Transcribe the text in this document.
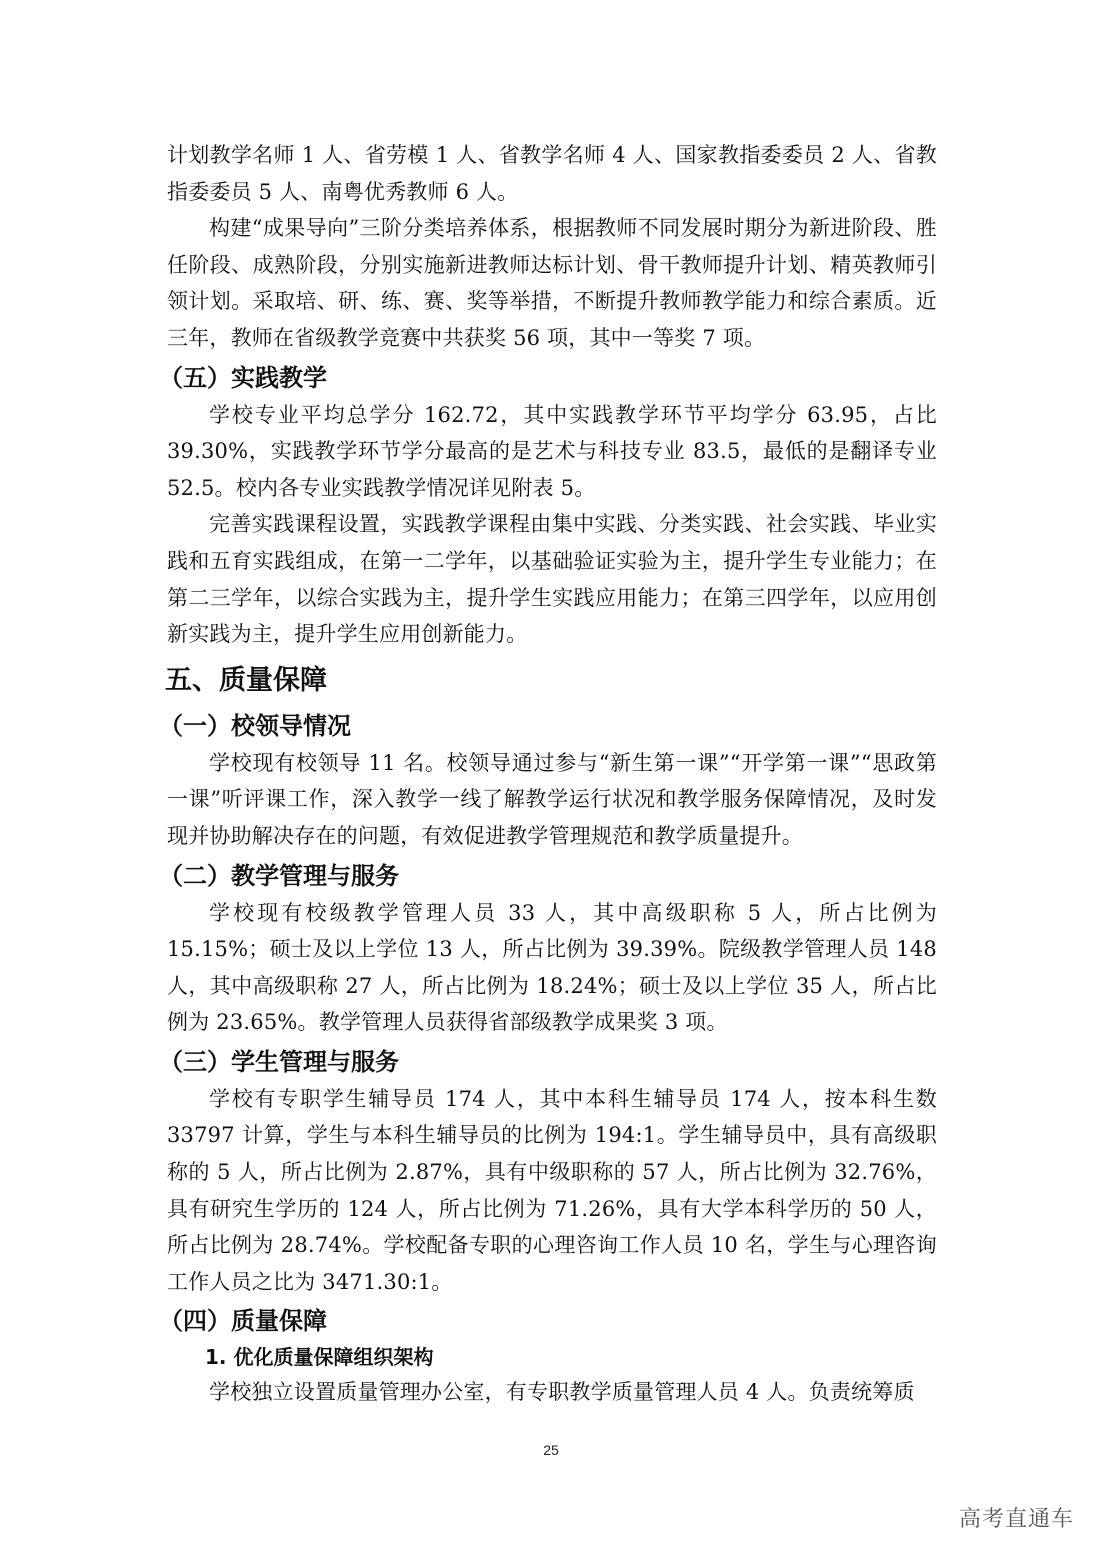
计划教学名师 1 人、省劳模 1 人、省教学名师 4 人、国家教指委委员 2 人、省教指委委员 5 人、南粤优秀教师 6 人。

构建“成果导向”三阶分类培养体系，根据教师不同发展时期分为新进阶段、胜任阶段、成熟阶段，分别实施新进教师达标计划、骨干教师提升计划、精英教师引领计划。采取培、研、练、赛、奖等举措，不断提升教师教学能力和综合素质。近三年，教师在省级教学竞赛中共获奖 56 项，其中一等奖 7 项。

（五）实践教学

学校专业平均总学分 162.72，其中实践教学环节平均学分 63.95，占比 39.30%，实践教学环节学分最高的是艺术与科技专业 83.5，最低的是翻译专业 52.5。校内各专业实践教学情况详见附表 5。

完善实践课程设置，实践教学课程由集中实践、分类实践、社会实践、毕业实践和五育实践组成，在第一二学年，以基础验证实验为主，提升学生专业能力；在第二三学年，以综合实践为主，提升学生实践应用能力；在第三四学年，以应用创新实践为主，提升学生应用创新能力。

五、质量保障
（一）校领导情况

学校现有校领导 11 名。校领导通过参与“新生第一课”“开学第一课”“思政第一课”听评课工作，深入教学一线了解教学运行状况和教学服务保障情况，及时发现并协助解决存在的问题，有效促进教学管理规范和教学质量提升。

（二）教学管理与服务

学校现有校级教学管理人员 33 人，其中高级职称 5 人，所占比例为 15.15%；硕士及以上学位 13 人，所占比例为 39.39%。院级教学管理人员 148 人，其中高级职称 27 人，所占比例为 18.24%；硕士及以上学位 35 人，所占比例为 23.65%。教学管理人员获得省部级教学成果奖 3 项。

（三）学生管理与服务

学校有专职学生辅导员 174 人，其中本科生辅导员 174 人，按本科生数 33797 计算，学生与本科生辅导员的比例为 194:1。学生辅导员中，具有高级职称的 5 人，所占比例为 2.87%，具有中级职称的 57 人，所占比例为 32.76%，具有研究生学历的 124 人，所占比例为 71.26%，具有大学本科学历的 50 人，所占比例为 28.74%。学校配备专职的心理咨询工作人员 10 名，学生与心理咨询工作人员之比为 3471.30:1。

（四）质量保障
1. 优化质量保障组织架构

学校独立设置质量管理办公室，有专职教学质量管理人员 4 人。负责统筹质

25
高考直通车
